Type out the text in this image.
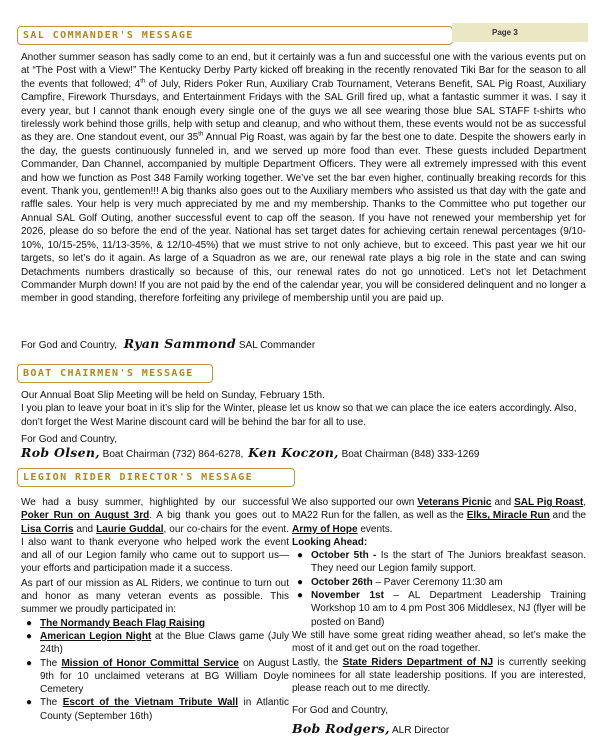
SAL COMMANDER'S MESSAGE	Page 3

Another summer season has sadly come to an end, but it certainly was a fun and successful one with the various events put on at “The Post with a View!” The Kentucky Derby Party kicked off breaking in the recently renovated Tiki Bar for the season to all the events that followed; 4th of July, Riders Poker Run, Auxiliary Crab Tournament, Veterans Benefit, SAL Pig Roast, Auxiliary Campfire, Firework Thursdays, and Entertainment Fridays with the SAL Grill fired up, what a fantastic summer it was. I say it every year, but I cannot thank enough every single one of the guys we all see wearing those blue SAL STAFF t-shirts who tirelessly work behind those grills, help with setup and cleanup, and who without them, these events would not be as successful as they are. One standout event, our 35th Annual Pig Roast, was again by far the best one to date. Despite the showers early in the day, the guests continuously funneled in, and we served up more food than ever. These guests included Department Commander, Dan Channel, accompanied by multiple Department Officers. They were all extremely impressed with this event and how we function as Post 348 Family working together. We’ve set the bar even higher, continually breaking records for this event. Thank you, gentlemen!!! A big thanks also goes out to the Auxiliary members who assisted us that day with the gate and raffle sales. Your help is very much appreciated by me and my membership. Thanks to the Committee who put together our Annual SAL Golf Outing, another successful event to cap off the season. If you have not renewed your membership yet for 2026, please do so before the end of the year. National has set target dates for achieving certain renewal percentages (9/10-10%, 10/15-25%, 11/13-35%, & 12/10-45%) that we must strive to not only achieve, but to exceed. This past year we hit our targets, so let’s do it again. As large of a Squadron as we are, our renewal rate plays a big role in the state and can swing Detachments numbers drastically so because of this, our renewal rates do not go unnoticed. Let’s not let Detachment Commander Murph down! If you are not paid by the end of the calendar year, you will be considered delinquent and no longer a member in good standing, therefore forfeiting any privilege of membership until you are paid up.

For God and Country, Ryan Sammond SAL Commander
BOAT CHAIRMEN'S MESSAGE

Our Annual Boat Slip Meeting will be held on Sunday, February 15th.

I you plan to leave your boat in it’s slip for the Winter, please let us know so that we can place the ice eaters accordingly. Also, don’t forget the West Marine discount card will be behind the bar for all to use.

For God and Country,

Rob Olsen, Boat Chairman (732) 864-6278, Ken Koczon, Boat Chairman (848) 333-1269
LEGION RIDER DIRECTOR'S MESSAGE

We had a busy summer, highlighted by our successful Poker Run on August 3rd. A big thank you goes out to Lisa Corris and Laurie Guddal, our co-chairs for the event. I also want to thank everyone who helped work the event and all of our Legion family who came out to support us—your efforts and participation made it a success.

As part of our mission as AL Riders, we continue to turn out and honor as many veteran events as possible. This summer we proudly participated in:

● The Normandy Beach Flag Raising
● American Legion Night at the Blue Claws game (July 24th)
● The Mission of Honor Committal Service on August 9th for 10 unclaimed veterans at BG William Doyle Cemetery
● The Escort of the Vietnam Tribute Wall in Atlantic County (September 16th)

We also supported our own Veterans Picnic and SAL Pig Roast, MA22 Run for the fallen, as well as the Elks, Miracle Run and the Army of Hope events.

Looking Ahead:

● October 5th - Is the start of The Juniors breakfast season. They need our Legion family support.
● October 26th – Paver Ceremony 11:30 am
● November 1st – AL Department Leadership Training Workshop 10 am to 4 pm Post 306 Middlesex, NJ (flyer will be posted on Band)

We still have some great riding weather ahead, so let’s make the most of it and get out on the road together.

Lastly, the State Riders Department of NJ is currently seeking nominees for all state leadership positions. If you are interested, please reach out to me directly.

For God and Country,

Bob Rodgers, ALR Director
